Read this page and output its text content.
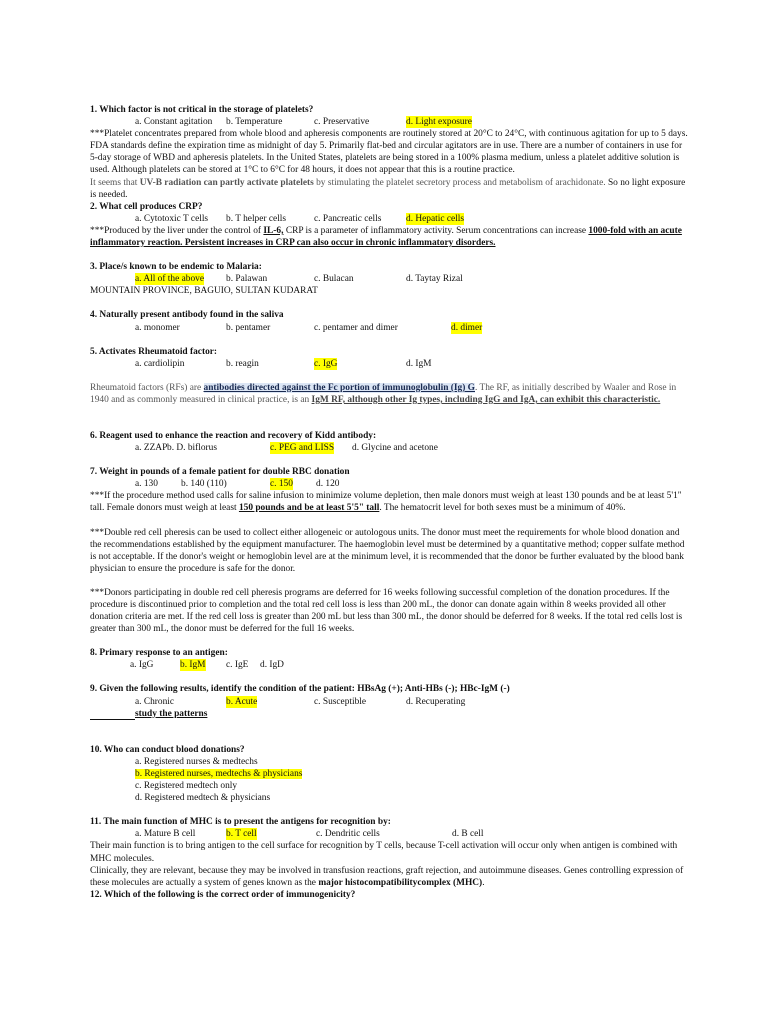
1. Which factor is not critical in the storage of platelets?
a. Constant agitation b. Temperature	c. Preservative	d. Light exposure

***Platelet concentrates prepared from whole blood and apheresis components are routinely stored at 20°C to 24°C, with continuous agitation for up to 5 days. FDA standards define the expiration time as midnight of day 5. Primarily flat-bed and circular agitators are in use. There are a number of containers in use for 5-day storage of WBD and apheresis platelets. In the United States, platelets are being stored in a 100% plasma medium, unless a platelet additive solution is used. Although platelets can be stored at 1°C to 6°C for 48 hours, it does not appear that this is a routine practice.

It seems that UV-B radiation can partly activate platelets by stimulating the platelet secretory process and metabolism of arachidonate. So no light exposure is needed.

2. What cell produces CRP?
a. Cytotoxic T cells b. T helper cells	c. Pancreatic cells	d. Hepatic cells

***Produced by the liver under the control of IL-6, CRP is a parameter of inflammatory activity. Serum concentrations can increase 1000-fold with an acute inflammatory reaction. Persistent increases in CRP can also occur in chronic inflammatory disorders.

3. Place/s known to be endemic to Malaria:
a. All of the above b. Palawan	c. Bulacan	d. Taytay Rizal

MOUNTAIN PROVINCE, BAGUIO, SULTAN KUDARAT

4. Naturally present antibody found in the saliva
a. monomer	b. pentamer	c. pentamer and dimer	d. dimer
5. Activates Rheumatoid factor:
a. cardiolipin	b. reagin	c. IgG	d. IgM

Rheumatoid factors (RFs) are antibodies directed against the Fc portion of immunoglobulin (Ig) G. The RF, as initially described by Waaler and Rose in 1940 and as commonly measured in clinical practice, is an IgM RF, although other Ig types, including IgG and IgA, can exhibit this characteristic.

6. Reagent used to enhance the reaction and recovery of Kidd antibody:
a. ZZAP b. D. biflorus	c. PEG and LISS d. Glycine and acetone
7. Weight in pounds of a female patient for double RBC donation
a. 130 b. 140 (110)	c. 150 d. 120

***If the procedure method used calls for saline infusion to minimize volume depletion, then male donors must weigh at least 130 pounds and be at least 5'1" tall. Female donors must weigh at least 150 pounds and be at least 5'5" tall. The hematocrit level for both sexes must be a minimum of 40%.

***Double red cell pheresis can be used to collect either allogeneic or autologous units. The donor must meet the requirements for whole blood donation and the recommendations established by the equipment manufacturer. The haemoglobin level must be determined by a quantitative method; copper sulfate method is not acceptable. If the donor's weight or hemoglobin level are at the minimum level, it is recommended that the donor be further evaluated by the blood bank physician to ensure the procedure is safe for the donor.

***Donors participating in double red cell pheresis programs are deferred for 16 weeks following successful completion of the donation procedures. If the procedure is discontinued prior to completion and the total red cell loss is less than 200 mL, the donor can donate again within 8 weeks provided all other donation criteria are met. If the red cell loss is greater than 200 mL but less than 300 mL, the donor should be deferred for 8 weeks. If the total red cells lost is greater than 300 mL, the donor must be deferred for the full 16 weeks.

8. Primary response to an antigen:
a. IgG	b. IgM c. IgE d. IgD
9. Given the following results, identify the condition of the patient: HBsAg (+); Anti-HBs (-); HBc-IgM (-)
a. Chronic	b. Acute	c. Susceptible	d. Recuperating
study the patterns
10. Who can conduct blood donations?
a. Registered nurses & medtechs
b. Registered nurses, medtechs & physicians
c. Registered medtech only
d. Registered medtech & physicians
11. The main function of MHC is to present the antigens for recognition by:
a. Mature B cell	b. T cell	c. Dendritic cells	d. B cell

Their main function is to bring antigen to the cell surface for recognition by T cells, because T-cell activation will occur only when antigen is combined with MHC molecules.

Clinically, they are relevant, because they may be involved in transfusion reactions, graft rejection, and autoimmune diseases. Genes controlling expression of these molecules are actually a system of genes known as the major histocompatibilitycomplex (MHC).

12. Which of the following is the correct order of immunogenicity?
